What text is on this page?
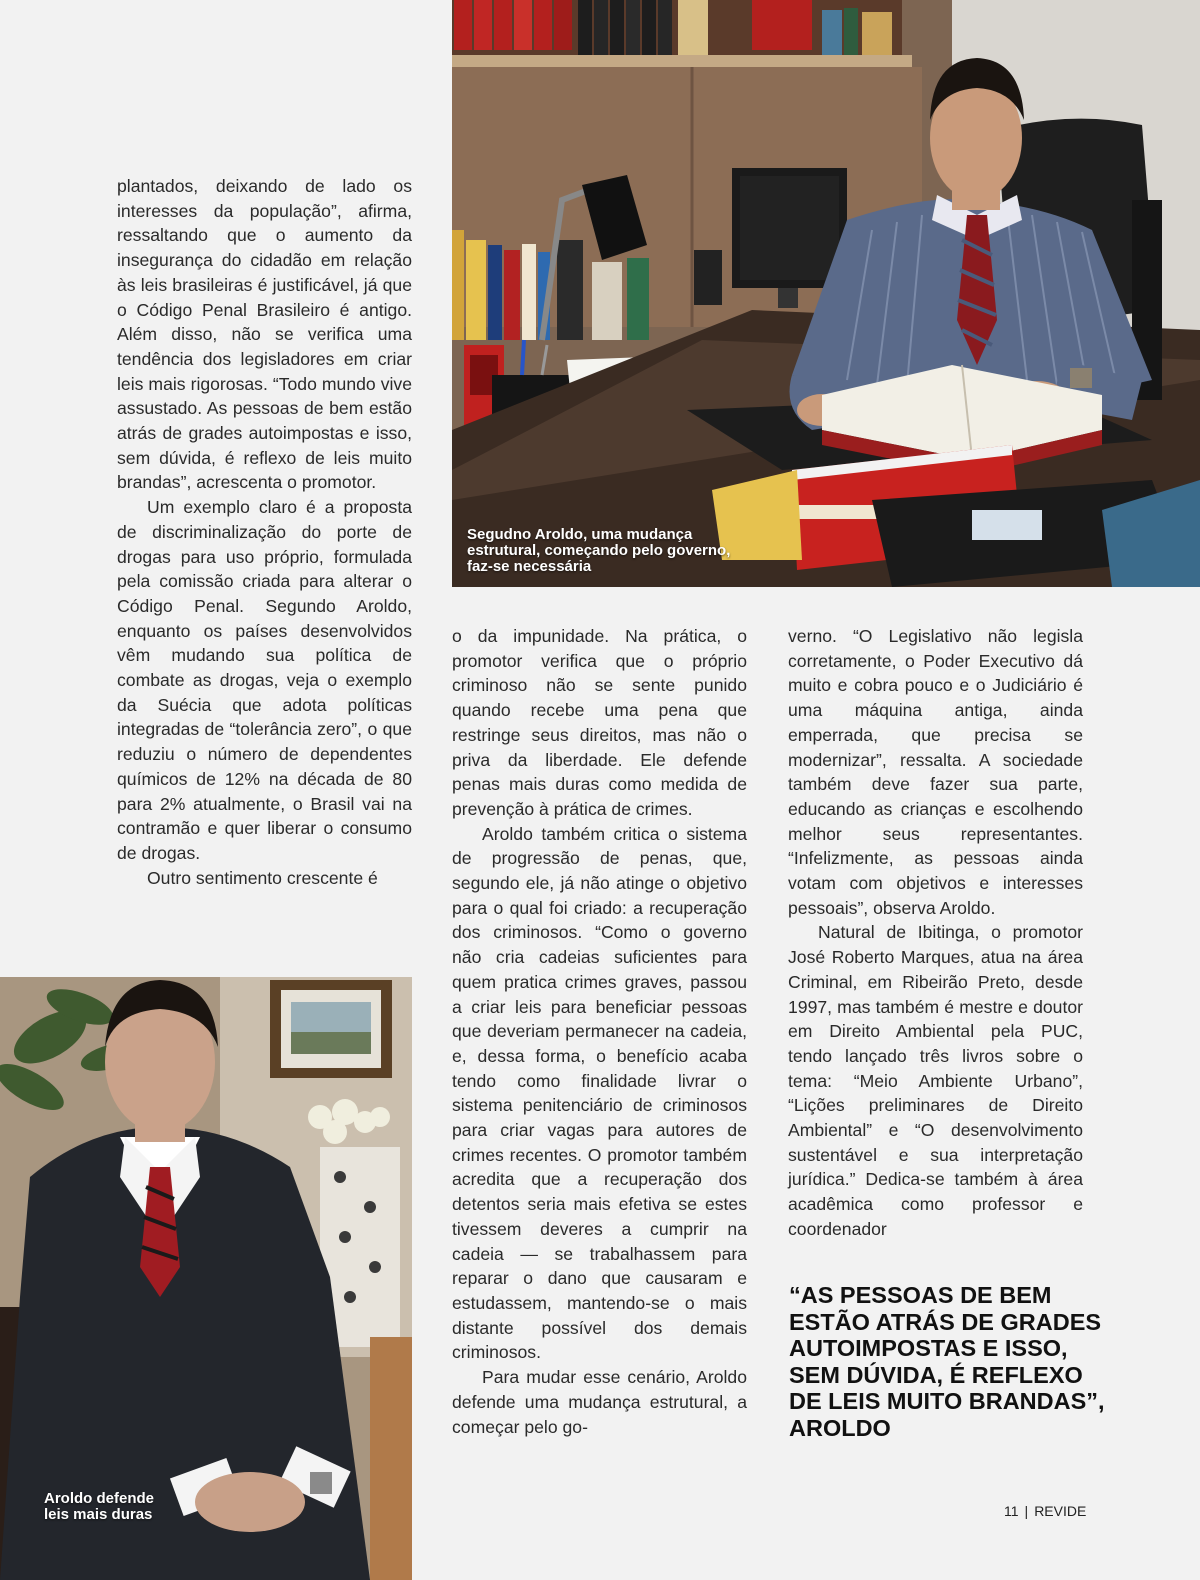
Segudno Aroldo, uma mudança estrutural, começando pelo governo, faz-se necessária
Aroldo defende leis mais duras

plantados, deixando de lado os interesses da população”, afirma, ressaltando que o aumento da insegurança do cidadão em relação às leis brasileiras é justificável, já que o Código Penal Brasileiro é antigo. Além disso, não se verifica uma tendência dos legisladores em criar leis mais rigorosas. “Todo mundo vive assustado. As pessoas de bem estão atrás de grades autoimpostas e isso, sem dúvida, é reflexo de leis muito brandas”, acrescenta o promotor.

Um exemplo claro é a proposta de discriminalização do porte de drogas para uso próprio, formulada pela comissão criada para alterar o Código Penal. Segundo Aroldo, enquanto os países desenvolvidos vêm mudando sua política de combate as drogas, veja o exemplo da Suécia que adota políticas integradas de “tolerância zero”, o que reduziu o número de dependentes químicos de 12% na década de 80 para 2% atualmente, o Brasil vai na contramão e quer liberar o consumo de drogas.

Outro sentimento crescente é

o da impunidade. Na prática, o promotor verifica que o próprio criminoso não se sente punido quando recebe uma pena que restringe seus direitos, mas não o priva da liberdade. Ele defende penas mais duras como medida de prevenção à prática de crimes.

Aroldo também critica o sistema de progressão de penas, que, segundo ele, já não atinge o objetivo para o qual foi criado: a recuperação dos criminosos. “Como o governo não cria cadeias suficientes para quem pratica crimes graves, passou a criar leis para beneficiar pessoas que deveriam permanecer na cadeia, e, dessa forma, o benefício acaba tendo como finalidade livrar o sistema penitenciário de criminosos para criar vagas para autores de crimes recentes. O promotor também acredita que a recuperação dos detentos seria mais efetiva se estes tivessem deveres a cumprir na cadeia — se trabalhassem para reparar o dano que causaram e estudassem, mantendo-se o mais distante possível dos demais criminosos.

Para mudar esse cenário, Aroldo defende uma mudança estrutural, a começar pelo go-

verno. “O Legislativo não legisla corretamente, o Poder Executivo dá muito e cobra pouco e o Judiciário é uma máquina antiga, ainda emperrada, que precisa se modernizar”, ressalta. A sociedade também deve fazer sua parte, educando as crianças e escolhendo melhor seus representantes. “Infelizmente, as pessoas ainda votam com objetivos e interesses pessoais”, observa Aroldo.

Natural de Ibitinga, o promotor José Roberto Marques, atua na área Criminal, em Ribeirão Preto, desde 1997, mas também é mestre e doutor em Direito Ambiental pela PUC, tendo lançado três livros sobre o tema: “Meio Ambiente Urbano”, “Lições preliminares de Direito Ambiental” e “O desenvolvimento sustentável e sua interpretação jurídica.” Dedica-se também à área acadêmica como professor e coordenador

“AS PESSOAS DE BEM ESTÃO ATRÁS DE GRADES AUTOIMPOSTAS E ISSO, SEM DÚVIDA, É REFLEXO DE LEIS MUITO BRANDAS”, AROLDO
11 | REVIDE
